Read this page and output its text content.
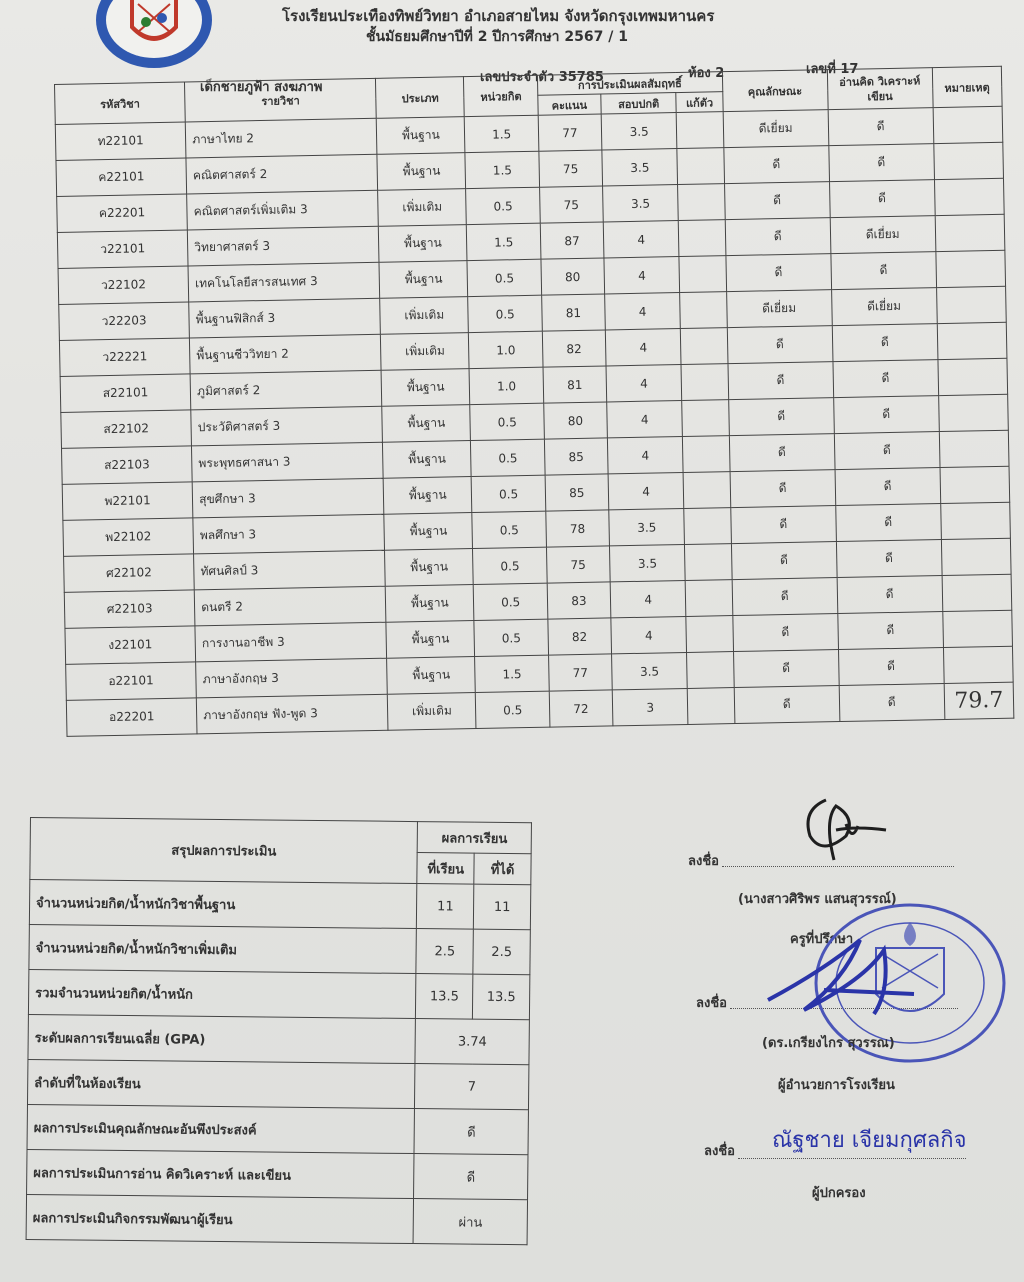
โรงเรียนประเทืองทิพย์วิทยา อำเภอสายไหม จังหวัดกรุงเทพมหานคร
ชั้นมัธยมศึกษาปีที่ 2 ปีการศึกษา 2567 / 1
เด็กชายภูฟ้า สงฆภาพ
เลขประจำตัว 35785	ห้อง 2	เลขที่ 17
รหัสวิชา	รายวิชา	ประเภท	หน่วยกิต	การประเมินผลสัมฤทธิ์			คุณลักษณะ	อ่านคิด วิเคราะห์เขียน	หมายเหตุ
				คะแนน	สอบปกติ	แก้ตัว			
ท22101	ภาษาไทย 2	พื้นฐาน	1.5	77	3.5		ดีเยี่ยม	ดี	
ค22101	คณิตศาสตร์ 2	พื้นฐาน	1.5	75	3.5		ดี	ดี	
ค22201	คณิตศาสตร์เพิ่มเติม 3	เพิ่มเติม	0.5	75	3.5		ดี	ดี	
ว22101	วิทยาศาสตร์ 3	พื้นฐาน	1.5	87	4		ดี	ดีเยี่ยม	
ว22102	เทคโนโลยีสารสนเทศ 3	พื้นฐาน	0.5	80	4		ดี	ดี	
ว22203	พื้นฐานฟิสิกส์ 3	เพิ่มเติม	0.5	81	4		ดีเยี่ยม	ดีเยี่ยม	
ว22221	พื้นฐานชีววิทยา 2	เพิ่มเติม	1.0	82	4		ดี	ดี	
ส22101	ภูมิศาสตร์ 2	พื้นฐาน	1.0	81	4		ดี	ดี	
ส22102	ประวัติศาสตร์ 3	พื้นฐาน	0.5	80	4		ดี	ดี	
ส22103	พระพุทธศาสนา 3	พื้นฐาน	0.5	85	4		ดี	ดี	
พ22101	สุขศึกษา 3	พื้นฐาน	0.5	85	4		ดี	ดี	
พ22102	พลศึกษา 3	พื้นฐาน	0.5	78	3.5		ดี	ดี	
ศ22102	ทัศนศิลป์ 3	พื้นฐาน	0.5	75	3.5		ดี	ดี	
ศ22103	ดนตรี 2	พื้นฐาน	0.5	83	4		ดี	ดี	
ง22101	การงานอาชีพ 3	พื้นฐาน	0.5	82	4		ดี	ดี	
อ22101	ภาษาอังกฤษ 3	พื้นฐาน	1.5	77	3.5		ดี	ดี	
อ22201	ภาษาอังกฤษ ฟัง-พูด 3	เพิ่มเติม	0.5	72	3		ดี	ดี	79.7
สรุปผลการประเมิน	ผลการเรียน	
	ที่เรียน	ที่ได้
จำนวนหน่วยกิต/น้ำหนักวิชาพื้นฐาน	11	11
จำนวนหน่วยกิต/น้ำหนักวิชาเพิ่มเติม	2.5	2.5
รวมจำนวนหน่วยกิต/น้ำหนัก	13.5	13.5
ระดับผลการเรียนเฉลี่ย (GPA)	3.74	
ลำดับที่ในห้องเรียน	7	
ผลการประเมินคุณลักษณะอันพึงประสงค์	ดี	
ผลการประเมินการอ่าน คิดวิเคราะห์ และเขียน	ดี	
ผลการประเมินกิจกรรมพัฒนาผู้เรียน	ผ่าน	
ลงชื่อ
(นางสาวศิริพร แสนสุวรรณ์)
ครูที่ปรึกษา
ลงชื่อ
(ดร.เกรียงไกร สุวรรณ)
ผู้อำนวยการโรงเรียน
ลงชื่อ ณัฐชาย เจียมกุศลกิจ
ผู้ปกครอง
